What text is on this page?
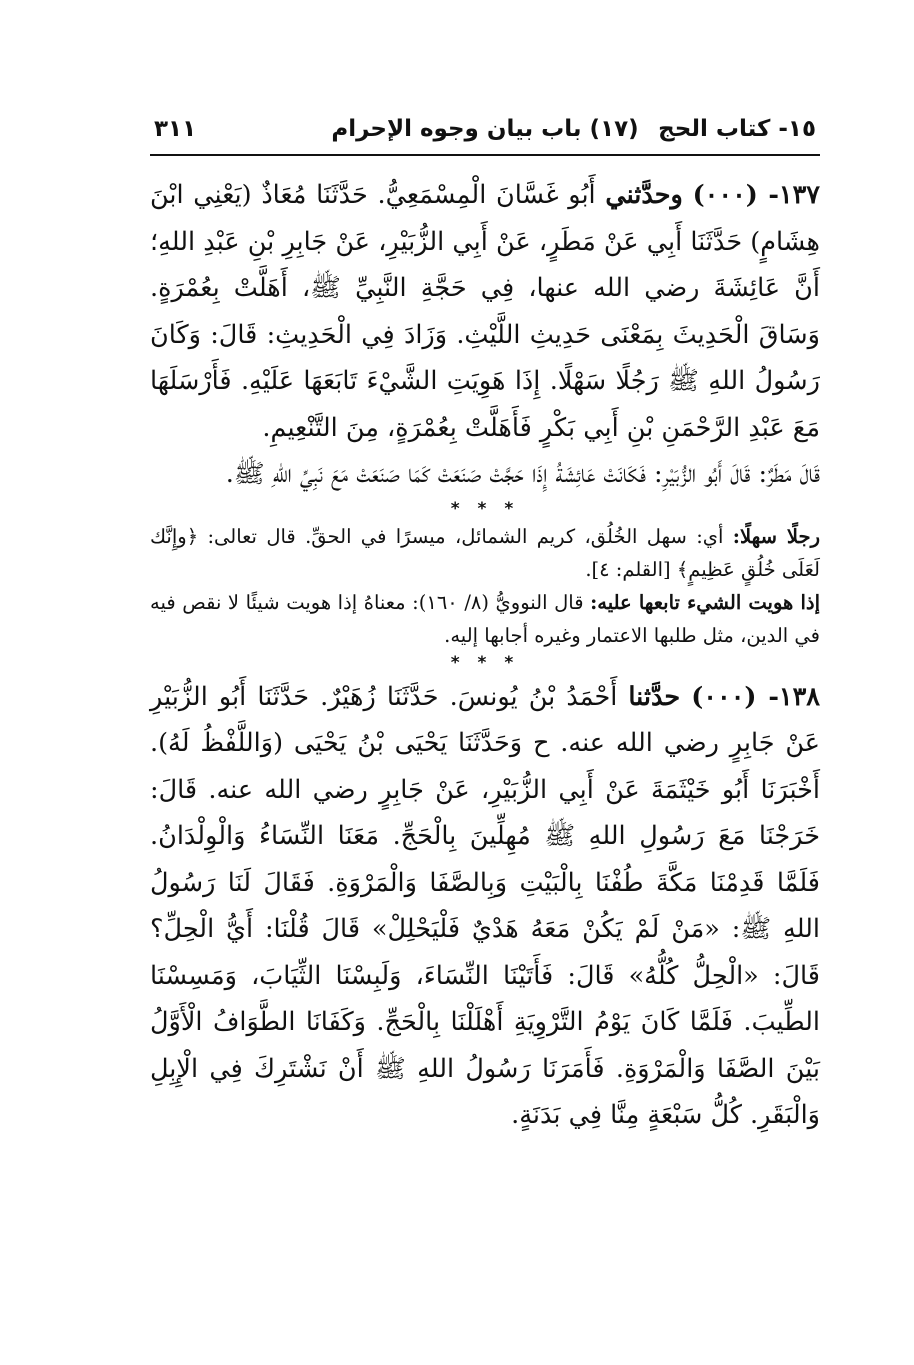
١٥- كتاب الحج
(١٧) باب بيان وجوه الإحرام
٣١١

١٣٧- (٠٠٠) وحدَّثني أَبُو غَسَّانَ الْمِسْمَعِيُّ. حَدَّثَنَا مُعَاذٌ (يَعْنِي ابْنَ هِشَامٍ) حَدَّثَنَا أَبِي عَنْ مَطَرٍ، عَنْ أَبِي الزُّبَيْرِ، عَنْ جَابِرِ بْنِ عَبْدِ اللهِ؛ أَنَّ عَائِشَةَ رضي الله عنها، فِي حَجَّةِ النَّبِيِّ ﷺ، أَهَلَّتْ بِعُمْرَةٍ. وَسَاقَ الْحَدِيثَ بِمَعْنَى حَدِيثِ اللَّيْثِ. وَزَادَ فِي الْحَدِيثِ: قَالَ: وَكَانَ رَسُولُ اللهِ ﷺ رَجُلًا سَهْلًا. إِذَا هَوِيَتِ الشَّيْءَ تَابَعَهَا عَلَيْهِ. فَأَرْسَلَهَا مَعَ عَبْدِ الرَّحْمَنِ بْنِ أَبِي بَكْرٍ فَأَهَلَّتْ بِعُمْرَةٍ، مِنَ التَّنْعِيمِ.

قَالَ مَطَرٌ: قَالَ أَبُو الزُّبَيْرِ: فَكَانَتْ عَائِشَةُ إِذَا حَجَّتْ صَنَعَتْ كَمَا صَنَعَتْ مَعَ نَبِيِّ اللهِ ﷺ.

* * *

رجلًا سهلًا: أي: سهل الخُلُق، كريم الشمائل، ميسرًا في الحقِّ. قال تعالى: ﴿وإِنَّك لَعَلَى خُلُقٍ عَظِيمٍ﴾ [القلم: ٤].

إذا هويت الشيء تابعها عليه: قال النوويُّ (٨/ ١٦٠): معناهُ إذا هويت شيئًا لا نقص فيه في الدين، مثل طلبها الاعتمار وغيره أجابها إليه.

* * *

١٣٨- (٠٠٠) حدَّثنا أَحْمَدُ بْنُ يُونسَ. حَدَّثَنَا زُهَيْرٌ. حَدَّثَنَا أَبُو الزُّبَيْرِ عَنْ جَابِرٍ رضي الله عنه. ح وَحَدَّثَنَا يَحْيَى بْنُ يَحْيَى (وَاللَّفْظُ لَهُ). أَخْبَرَنَا أَبُو خَيْثَمَةَ عَنْ أَبِي الزُّبَيْرِ، عَنْ جَابِرٍ رضي الله عنه. قَالَ: خَرَجْنَا مَعَ رَسُولِ اللهِ ﷺ مُهِلِّينَ بِالْحَجِّ. مَعَنَا النِّسَاءُ وَالْوِلْدَانُ. فَلَمَّا قَدِمْنَا مَكَّةَ طُفْنَا بِالْبَيْتِ وَبِالصَّفَا وَالْمَرْوَةِ. فَقَالَ لَنَا رَسُولُ اللهِ ﷺ: «مَنْ لَمْ يَكُنْ مَعَهُ هَدْيٌ فَلْيَحْلِلْ» قَالَ قُلْنَا: أَيُّ الْحِلِّ؟ قَالَ: «الْحِلُّ كُلُّهُ» قَالَ: فَأَتَيْنَا النِّسَاءَ، وَلَبِسْنَا الثِّيَابَ، وَمَسِسْنَا الطِّيبَ. فَلَمَّا كَانَ يَوْمُ التَّرْوِيَةِ أَهْلَلْنَا بِالْحَجِّ. وَكَفَانَا الطَّوَافُ الْأَوَّلُ بَيْنَ الصَّفَا وَالْمَرْوَةِ. فَأَمَرَنَا رَسُولُ اللهِ ﷺ أَنْ نَشْتَرِكَ فِي الْإِبِلِ وَالْبَقَرِ. كُلُّ سَبْعَةٍ مِنَّا فِي بَدَنَةٍ.
